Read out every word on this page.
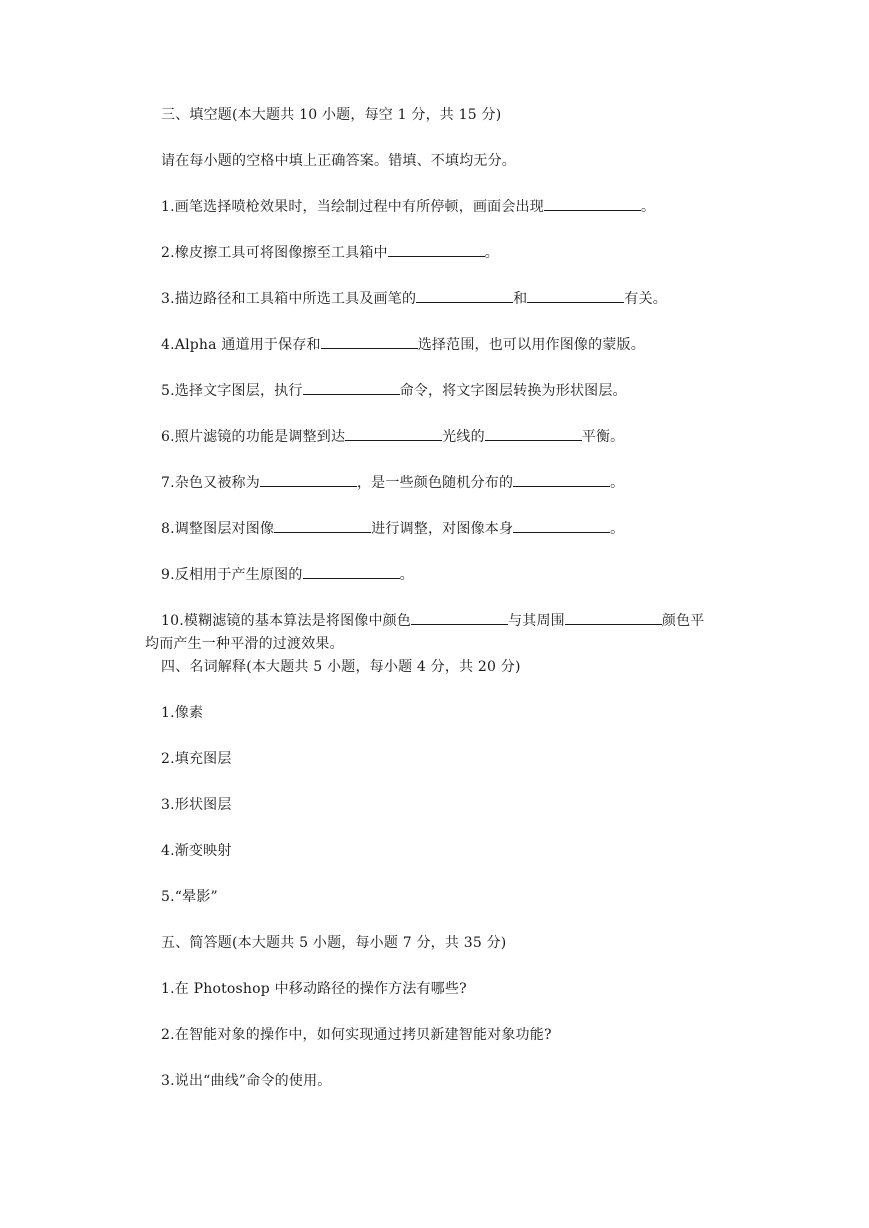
三、填空题(本大题共 10 小题，每空 1 分，共 15 分)
请在每小题的空格中填上正确答案。错填、不填均无分。
1.画笔选择喷枪效果时，当绘制过程中有所停顿，画面会出现	。
2.橡皮擦工具可将图像擦至工具箱中	。
3.描边路径和工具箱中所选工具及画笔的	和	有关。
4.Alpha 通道用于保存和	选择范围，也可以用作图像的蒙版。
5.选择文字图层，执行	命令，将文字图层转换为形状图层。
6.照片滤镜的功能是调整到达	光线的	平衡。
7.杂色又被称为	，是一些颜色随机分布的	。
8.调整图层对图像	进行调整，对图像本身	。
9.反相用于产生原图的	。
10.模糊滤镜的基本算法是将图像中颜色	与其周围	颜色平
均而产生一种平滑的过渡效果。
四、名词解释(本大题共 5 小题，每小题 4 分，共 20 分)
1.像素
2.填充图层
3.形状图层
4.渐变映射
5.“晕影”
五、简答题(本大题共 5 小题，每小题 7 分，共 35 分)
1.在 Photoshop 中移动路径的操作方法有哪些?
2.在智能对象的操作中，如何实现通过拷贝新建智能对象功能?
3.说出“曲线”命令的使用。
